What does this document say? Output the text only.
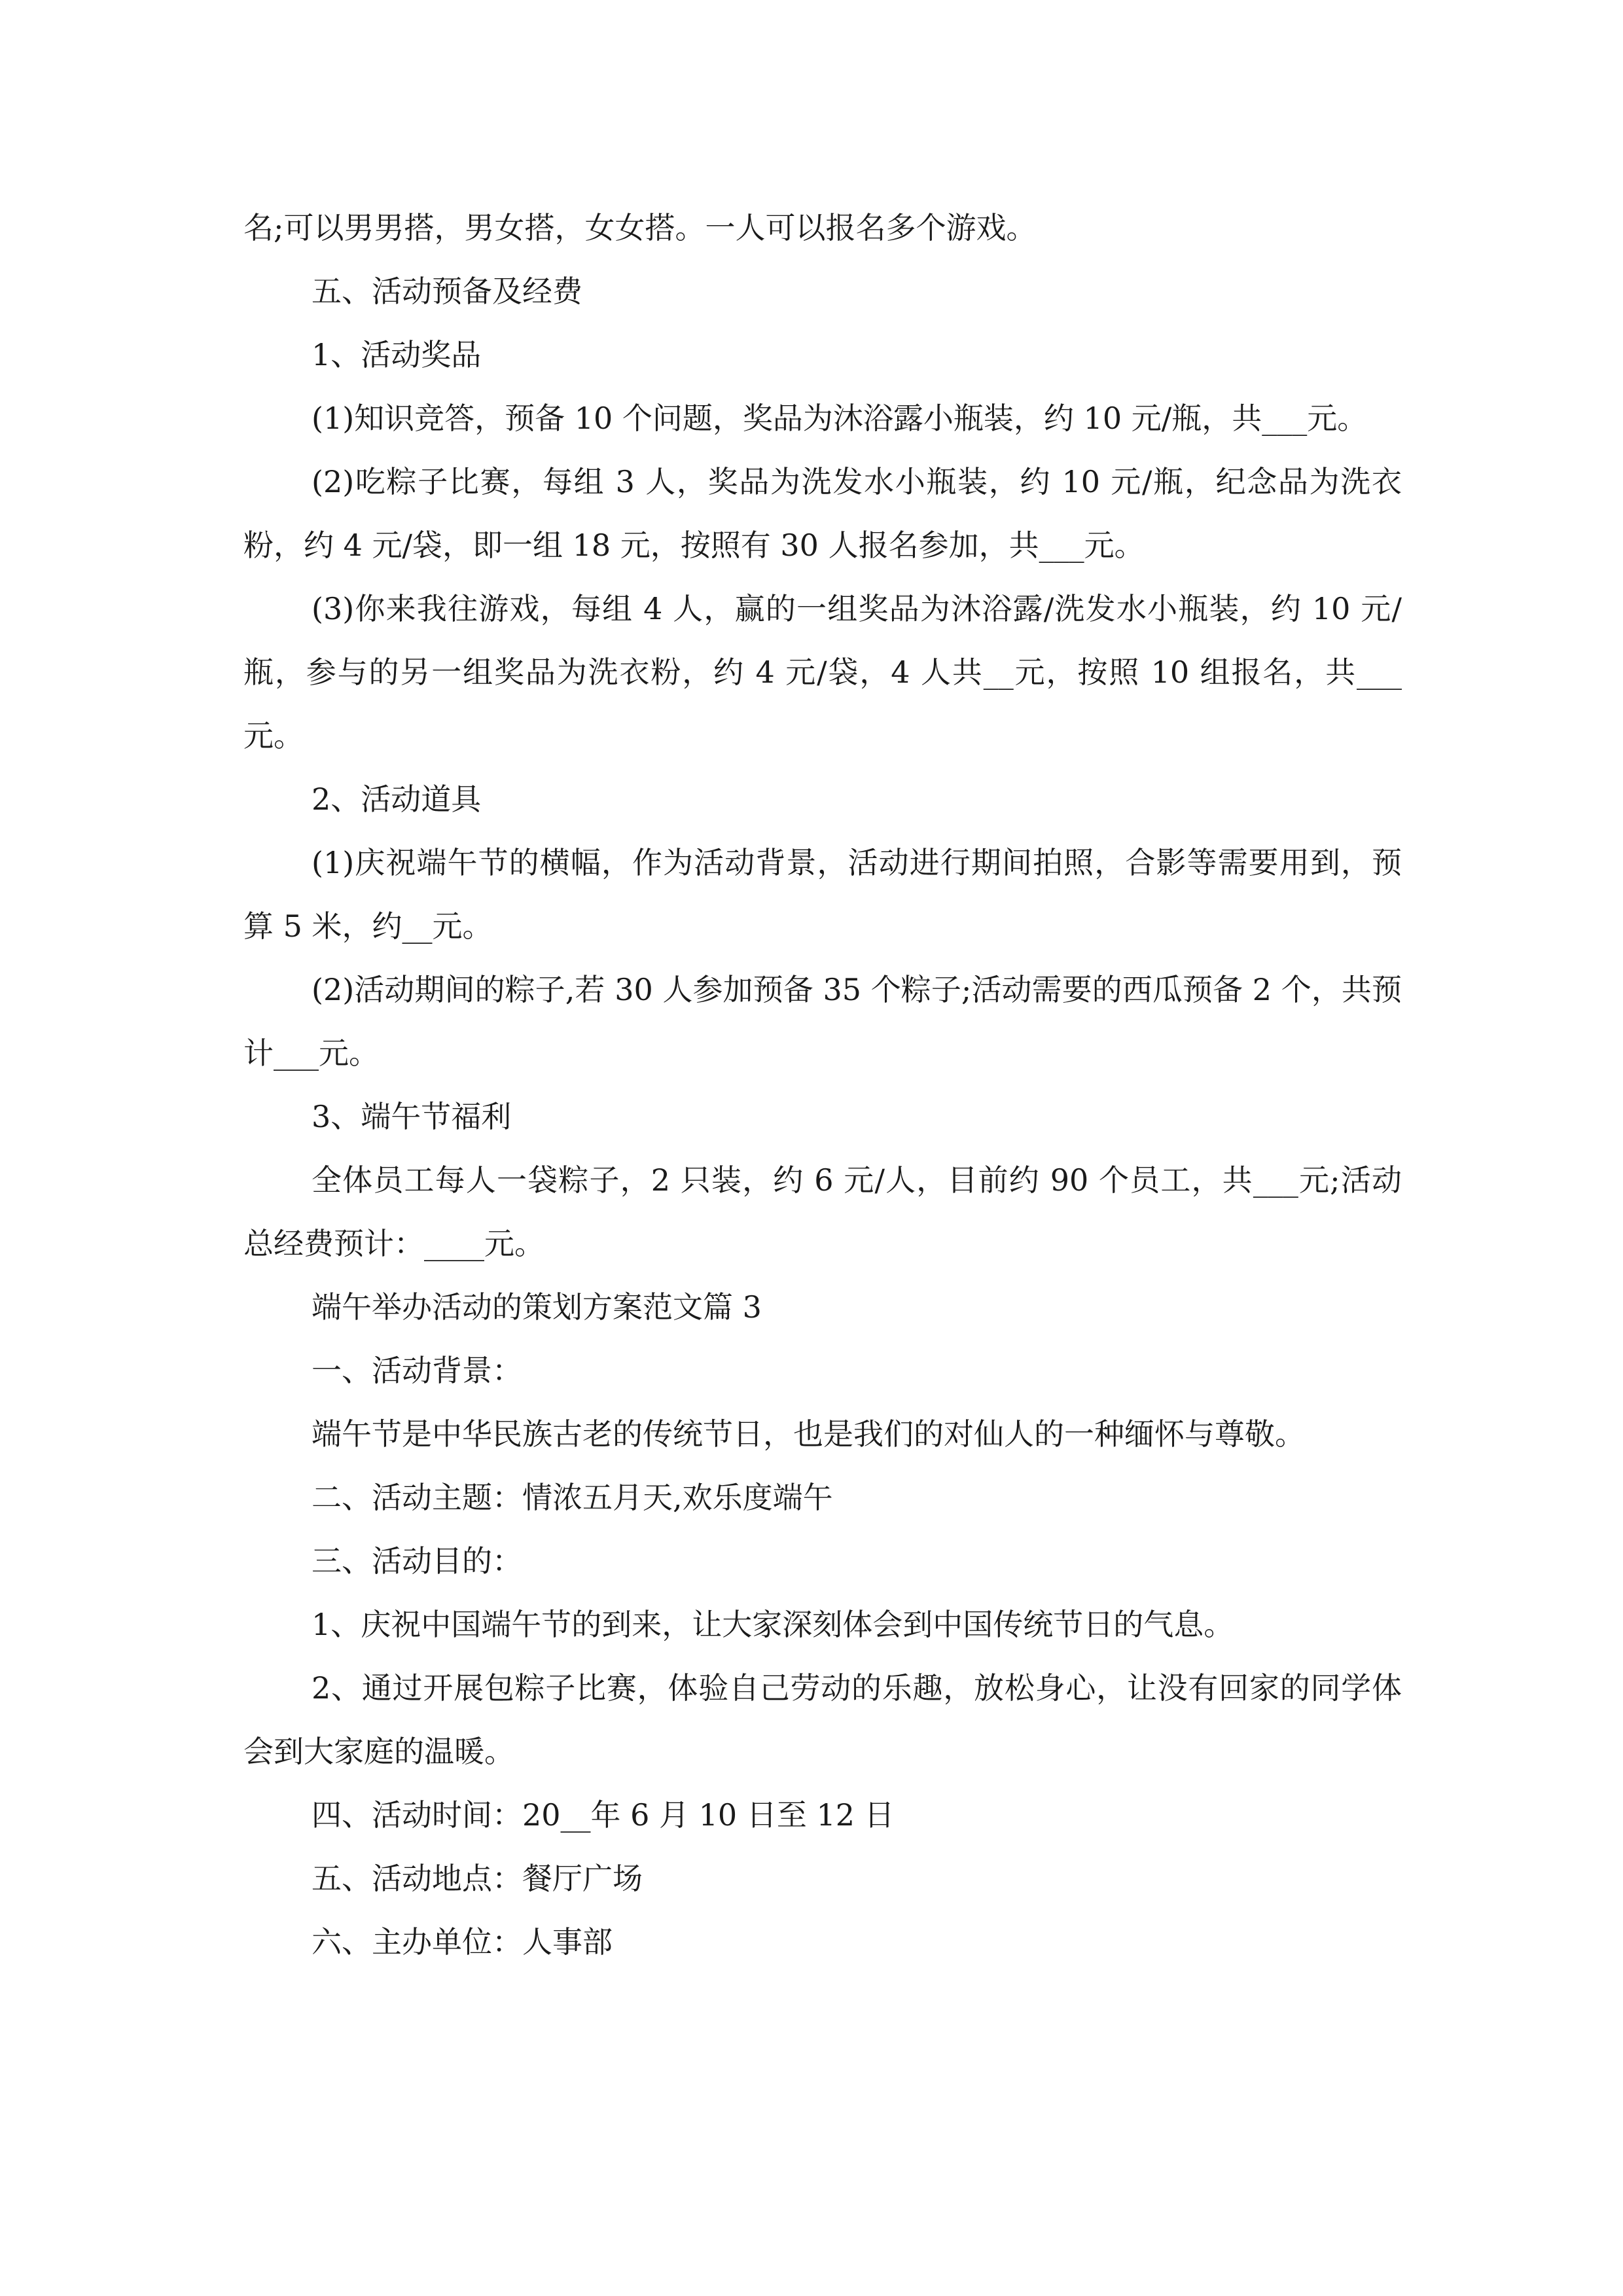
名;可以男男搭，男女搭，女女搭。一人可以报名多个游戏。

五、活动预备及经费

1、活动奖品

(1)知识竞答，预备 10 个问题，奖品为沐浴露小瓶装，约 10 元/瓶，共___元。

(2)吃粽子比赛，每组 3 人，奖品为洗发水小瓶装，约 10 元/瓶，纪念品为洗衣粉，约 4 元/袋，即一组 18 元，按照有 30 人报名参加，共___元。

(3)你来我往游戏，每组 4 人，赢的一组奖品为沐浴露/洗发水小瓶装，约 10 元/瓶，参与的另一组奖品为洗衣粉，约 4 元/袋，4 人共__元，按照 10 组报名，共___元。

2、活动道具

(1)庆祝端午节的横幅，作为活动背景，活动进行期间拍照，合影等需要用到，预算 5 米，约__元。

(2)活动期间的粽子,若 30 人参加预备 35 个粽子;活动需要的西瓜预备 2 个，共预计___元。

3、端午节福利

全体员工每人一袋粽子，2 只装，约 6 元/人，目前约 90 个员工，共___元;活动总经费预计：____元。

端午举办活动的策划方案范文篇 3

一、活动背景：

端午节是中华民族古老的传统节日，也是我们的对仙人的一种缅怀与尊敬。

二、活动主题：情浓五月天,欢乐度端午

三、活动目的：

1、庆祝中国端午节的到来，让大家深刻体会到中国传统节日的气息。

2、通过开展包粽子比赛，体验自己劳动的乐趣，放松身心，让没有回家的同学体会到大家庭的温暖。

四、活动时间：20__年 6 月 10 日至 12 日

五、活动地点：餐厅广场

六、主办单位：人事部
